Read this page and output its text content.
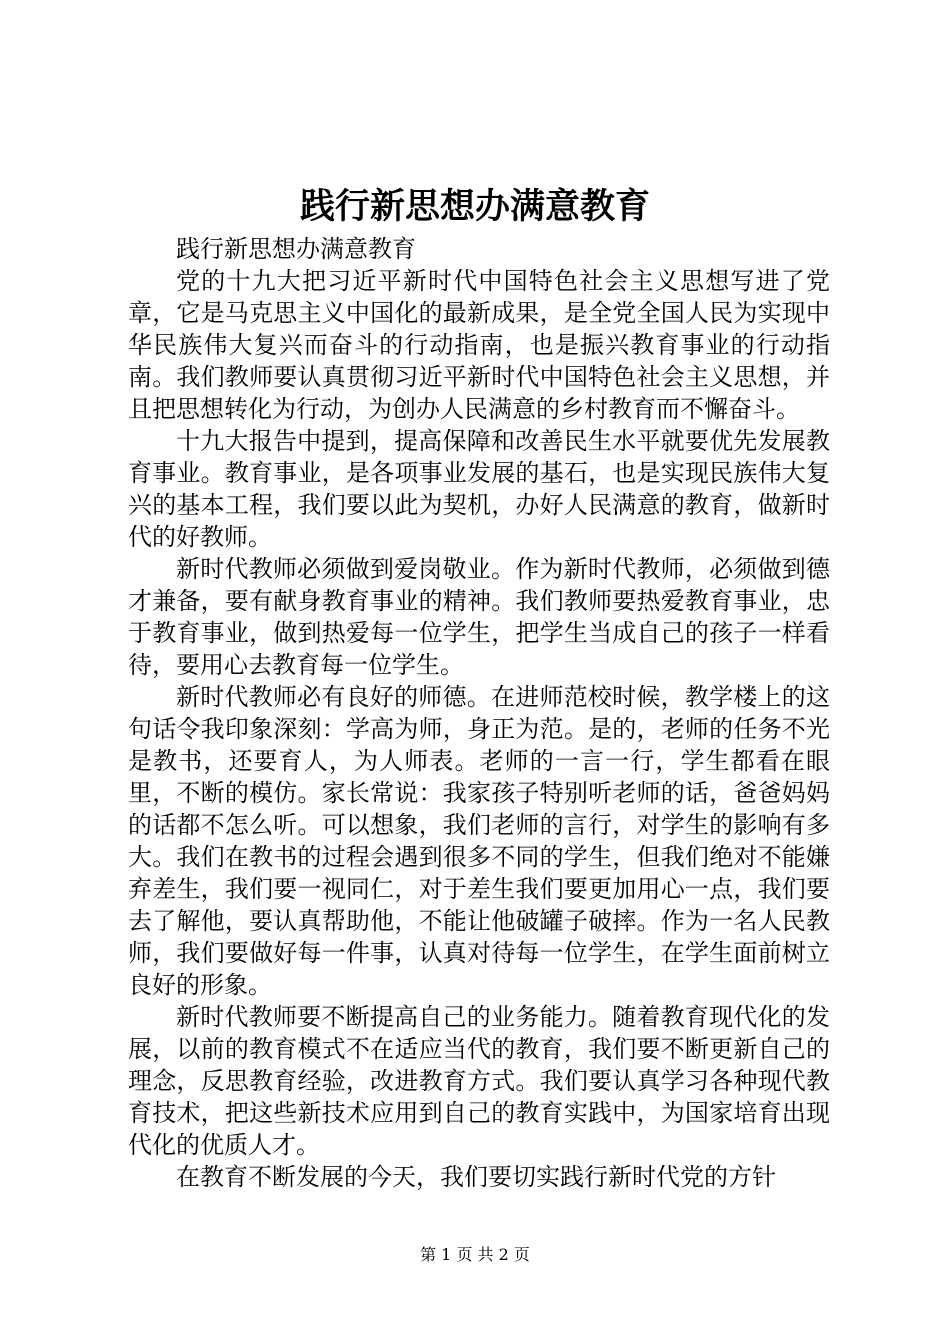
践行新思想办满意教育

践行新思想办满意教育

党的十九大把习近平新时代中国特色社会主义思想写进了党章，它是马克思主义中国化的最新成果，是全党全国人民为实现中华民族伟大复兴而奋斗的行动指南，也是振兴教育事业的行动指南。我们教师要认真贯彻习近平新时代中国特色社会主义思想，并且把思想转化为行动，为创办人民满意的乡村教育而不懈奋斗。

十九大报告中提到，提高保障和改善民生水平就要优先发展教育事业。教育事业，是各项事业发展的基石，也是实现民族伟大复兴的基本工程，我们要以此为契机，办好人民满意的教育，做新时代的好教师。

新时代教师必须做到爱岗敬业。作为新时代教师，必须做到德才兼备，要有献身教育事业的精神。我们教师要热爱教育事业，忠于教育事业，做到热爱每一位学生，把学生当成自己的孩子一样看待，要用心去教育每一位学生。

新时代教师必有良好的师德。在进师范校时候，教学楼上的这句话令我印象深刻：学高为师，身正为范。是的，老师的任务不光是教书，还要育人，为人师表。老师的一言一行，学生都看在眼里，不断的模仿。家长常说：我家孩子特别听老师的话，爸爸妈妈的话都不怎么听。可以想象，我们老师的言行，对学生的影响有多大。我们在教书的过程会遇到很多不同的学生，但我们绝对不能嫌弃差生，我们要一视同仁，对于差生我们要更加用心一点，我们要去了解他，要认真帮助他，不能让他破罐子破摔。作为一名人民教师，我们要做好每一件事，认真对待每一位学生，在学生面前树立良好的形象。

新时代教师要不断提高自己的业务能力。随着教育现代化的发展，以前的教育模式不在适应当代的教育，我们要不断更新自己的理念，反思教育经验，改进教育方式。我们要认真学习各种现代教育技术，把这些新技术应用到自己的教育实践中，为国家培育出现代化的优质人才。

在教育不断发展的今天，我们要切实践行新时代党的方针

第 1 页 共 2 页
